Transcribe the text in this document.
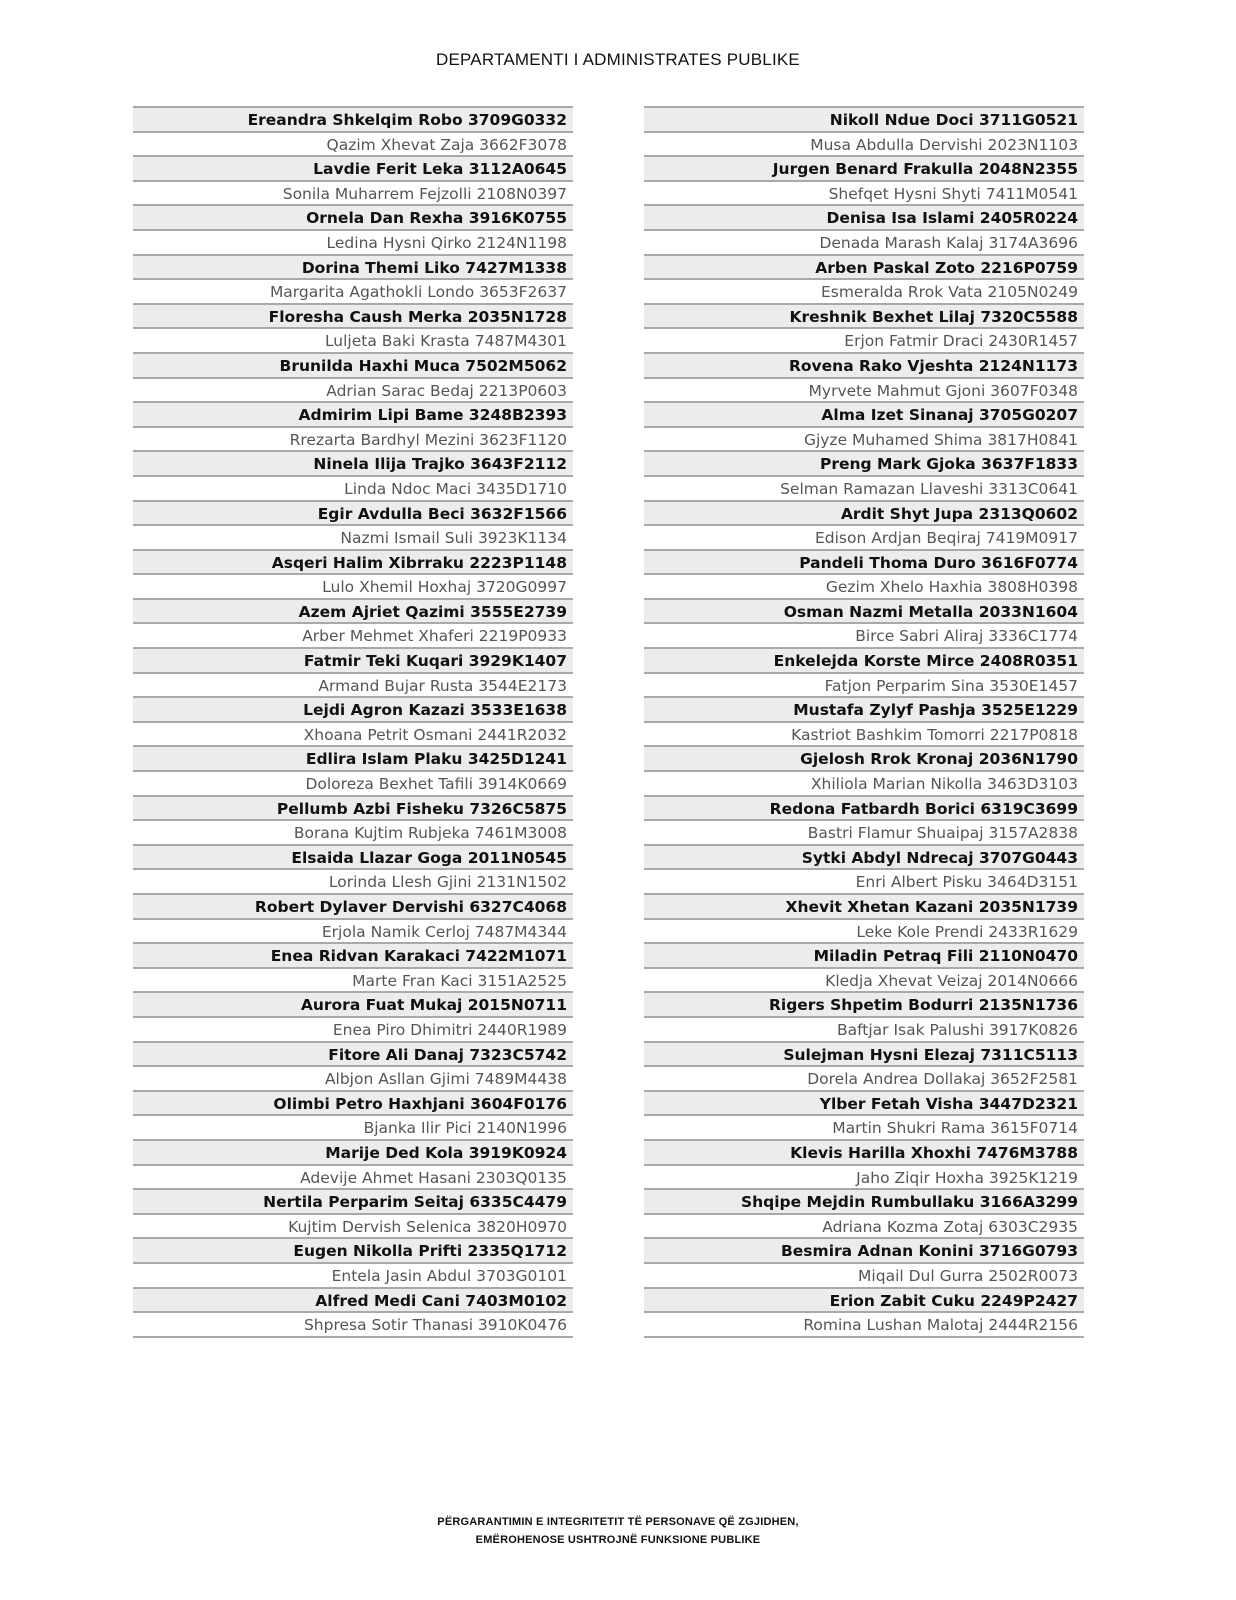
DEPARTAMENTI I ADMINISTRATES PUBLIKE
Ereandra Shkelqim Robo 3709G0332
Qazim Xhevat Zaja 3662F3078
Lavdie Ferit Leka 3112A0645
Sonila Muharrem Fejzolli 2108N0397
Ornela Dan Rexha 3916K0755
Ledina Hysni Qirko 2124N1198
Dorina Themi Liko 7427M1338
Margarita Agathokli Londo 3653F2637
Floresha Caush Merka 2035N1728
Luljeta Baki Krasta 7487M4301
Brunilda Haxhi Muca 7502M5062
Adrian Sarac Bedaj 2213P0603
Admirim Lipi Bame 3248B2393
Rrezarta Bardhyl Mezini 3623F1120
Ninela Ilija Trajko 3643F2112
Linda Ndoc Maci 3435D1710
Egir Avdulla Beci 3632F1566
Nazmi Ismail Suli 3923K1134
Asqeri Halim Xibrraku 2223P1148
Lulo Xhemil Hoxhaj 3720G0997
Azem Ajriet Qazimi 3555E2739
Arber Mehmet Xhaferi 2219P0933
Fatmir Teki Kuqari 3929K1407
Armand Bujar Rusta 3544E2173
Lejdi Agron Kazazi 3533E1638
Xhoana Petrit Osmani 2441R2032
Edlira Islam Plaku 3425D1241
Doloreza Bexhet Tafili 3914K0669
Pellumb Azbi Fisheku 7326C5875
Borana Kujtim Rubjeka 7461M3008
Elsaida Llazar Goga 2011N0545
Lorinda Llesh Gjini 2131N1502
Robert Dylaver Dervishi 6327C4068
Erjola Namik Cerloj 7487M4344
Enea Ridvan Karakaci 7422M1071
Marte Fran Kaci 3151A2525
Aurora Fuat Mukaj 2015N0711
Enea Piro Dhimitri 2440R1989
Fitore Ali Danaj 7323C5742
Albjon Asllan Gjimi 7489M4438
Olimbi Petro Haxhjani 3604F0176
Bjanka Ilir Pici 2140N1996
Marije Ded Kola 3919K0924
Adevije Ahmet Hasani 2303Q0135
Nertila Perparim Seitaj 6335C4479
Kujtim Dervish Selenica 3820H0970
Eugen Nikolla Prifti 2335Q1712
Entela Jasin Abdul 3703G0101
Alfred Medi Cani 7403M0102
Shpresa Sotir Thanasi 3910K0476
Nikoll Ndue Doci 3711G0521
Musa Abdulla Dervishi 2023N1103
Jurgen Benard Frakulla 2048N2355
Shefqet Hysni Shyti 7411M0541
Denisa Isa Islami 2405R0224
Denada Marash Kalaj 3174A3696
Arben Paskal Zoto 2216P0759
Esmeralda Rrok Vata 2105N0249
Kreshnik Bexhet Lilaj 7320C5588
Erjon Fatmir Draci 2430R1457
Rovena Rako Vjeshta 2124N1173
Myrvete Mahmut Gjoni 3607F0348
Alma Izet Sinanaj 3705G0207
Gjyze Muhamed Shima 3817H0841
Preng Mark Gjoka 3637F1833
Selman Ramazan Llaveshi 3313C0641
Ardit Shyt Jupa 2313Q0602
Edison Ardjan Beqiraj 7419M0917
Pandeli Thoma Duro 3616F0774
Gezim Xhelo Haxhia 3808H0398
Osman Nazmi Metalla 2033N1604
Birce Sabri Aliraj 3336C1774
Enkelejda Korste Mirce 2408R0351
Fatjon Perparim Sina 3530E1457
Mustafa Zylyf Pashja 3525E1229
Kastriot Bashkim Tomorri 2217P0818
Gjelosh Rrok Kronaj 2036N1790
Xhiliola Marian Nikolla 3463D3103
Redona Fatbardh Borici 6319C3699
Bastri Flamur Shuaipaj 3157A2838
Sytki Abdyl Ndrecaj 3707G0443
Enri Albert Pisku 3464D3151
Xhevit Xhetan Kazani 2035N1739
Leke Kole Prendi 2433R1629
Miladin Petraq Fili 2110N0470
Kledja Xhevat Veizaj 2014N0666
Rigers Shpetim Bodurri 2135N1736
Baftjar Isak Palushi 3917K0826
Sulejman Hysni Elezaj 7311C5113
Dorela Andrea Dollakaj 3652F2581
Ylber Fetah Visha 3447D2321
Martin Shukri Rama 3615F0714
Klevis Harilla Xhoxhi 7476M3788
Jaho Ziqir Hoxha 3925K1219
Shqipe Mejdin Rumbullaku 3166A3299
Adriana Kozma Zotaj 6303C2935
Besmira Adnan Konini 3716G0793
Miqail Dul Gurra 2502R0073
Erion Zabit Cuku 2249P2427
Romina Lushan Malotaj 2444R2156
PËRGARANTIMIN E INTEGRITETIT TË PERSONAVE QË ZGJIDHEN,
EMËROHENOSE USHTROJNË FUNKSIONE PUBLIKE
